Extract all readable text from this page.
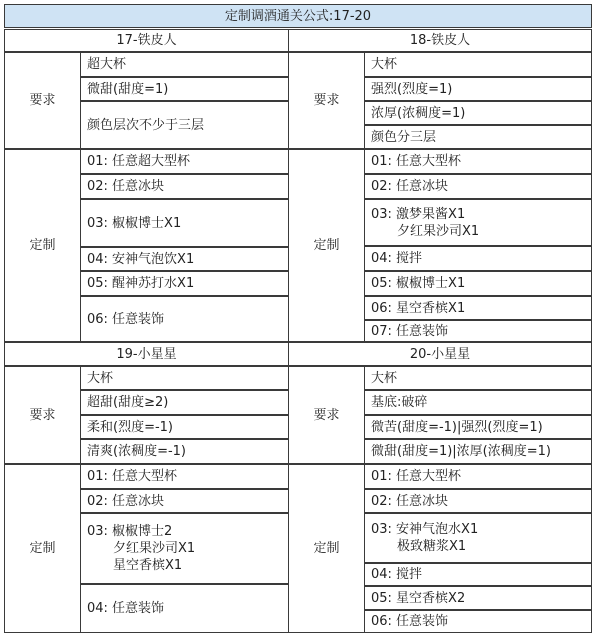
定制调酒通关公式:17-20
17-铁皮人
要求
超大杯
微甜(甜度=1)
颜色层次不少于三层
定制
01: 任意超大型杯
02: 任意冰块
03: 椒椒博士X1
04: 安神气泡饮X1
05: 醒神苏打水X1
06: 任意装饰
18-铁皮人
要求
大杯
强烈(烈度=1)
浓厚(浓稠度=1)
颜色分三层
定制
01: 任意大型杯
02: 任意冰块
03: 激梦果酱X1
夕红果沙司X1
04: 搅拌
05: 椒椒博士X1
06: 星空香槟X1
07: 任意装饰
19-小星星
要求
大杯
超甜(甜度≥2)
柔和(烈度=-1)
清爽(浓稠度=-1)
定制
01: 任意大型杯
02: 任意冰块
03: 椒椒博士2
夕红果沙司X1
星空香槟X1
04: 任意装饰
20-小星星
要求
大杯
基底:破碎
微苦(甜度=-1)|强烈(烈度=1)
微甜(甜度=1)|浓厚(浓稠度=1)
定制
01: 任意大型杯
02: 任意冰块
03: 安神气泡水X1
极致糖浆X1
04: 搅拌
05: 星空香槟X2
06: 任意装饰
